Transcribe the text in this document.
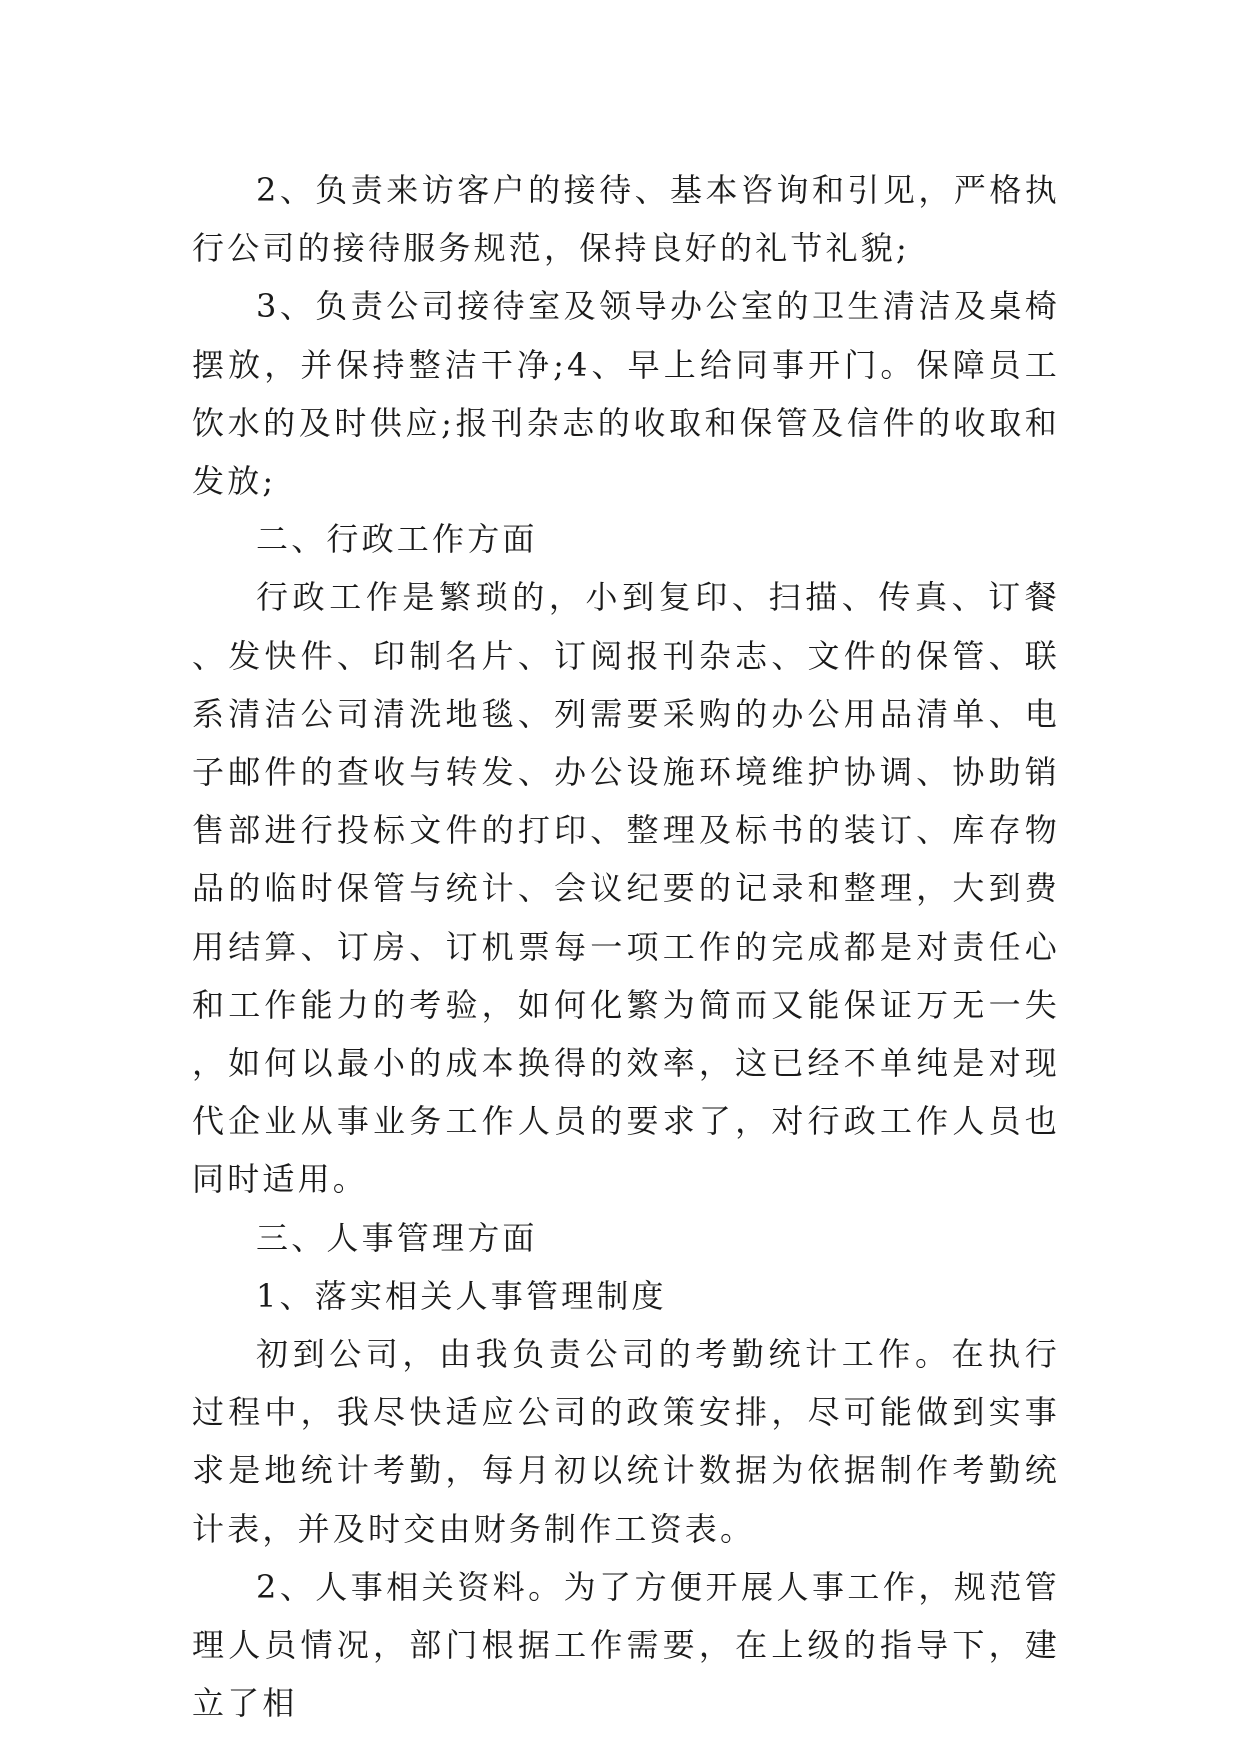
2、负责来访客户的接待、基本咨询和引见，严格执行公司的接待服务规范，保持良好的礼节礼貌;

3、负责公司接待室及领导办公室的卫生清洁及桌椅摆放，并保持整洁干净;4、早上给同事开门。保障员工饮水的及时供应;报刊杂志的收取和保管及信件的收取和发放;

二、行政工作方面

行政工作是繁琐的，小到复印、扫描、传真、订餐、发快件、印制名片、订阅报刊杂志、文件的保管、联系清洁公司清洗地毯、列需要采购的办公用品清单、电子邮件的查收与转发、办公设施环境维护协调、协助销售部进行投标文件的打印、整理及标书的装订、库存物品的临时保管与统计、会议纪要的记录和整理，大到费用结算、订房、订机票每一项工作的完成都是对责任心和工作能力的考验，如何化繁为简而又能保证万无一失，如何以最小的成本换得的效率，这已经不单纯是对现代企业从事业务工作人员的要求了，对行政工作人员也同时适用。

三、人事管理方面

1、落实相关人事管理制度

初到公司，由我负责公司的考勤统计工作。在执行过程中，我尽快适应公司的政策安排，尽可能做到实事求是地统计考勤，每月初以统计数据为依据制作考勤统计表，并及时交由财务制作工资表。

2、人事相关资料。为了方便开展人事工作，规范管理人员情况，部门根据工作需要，在上级的指导下，建立了相
